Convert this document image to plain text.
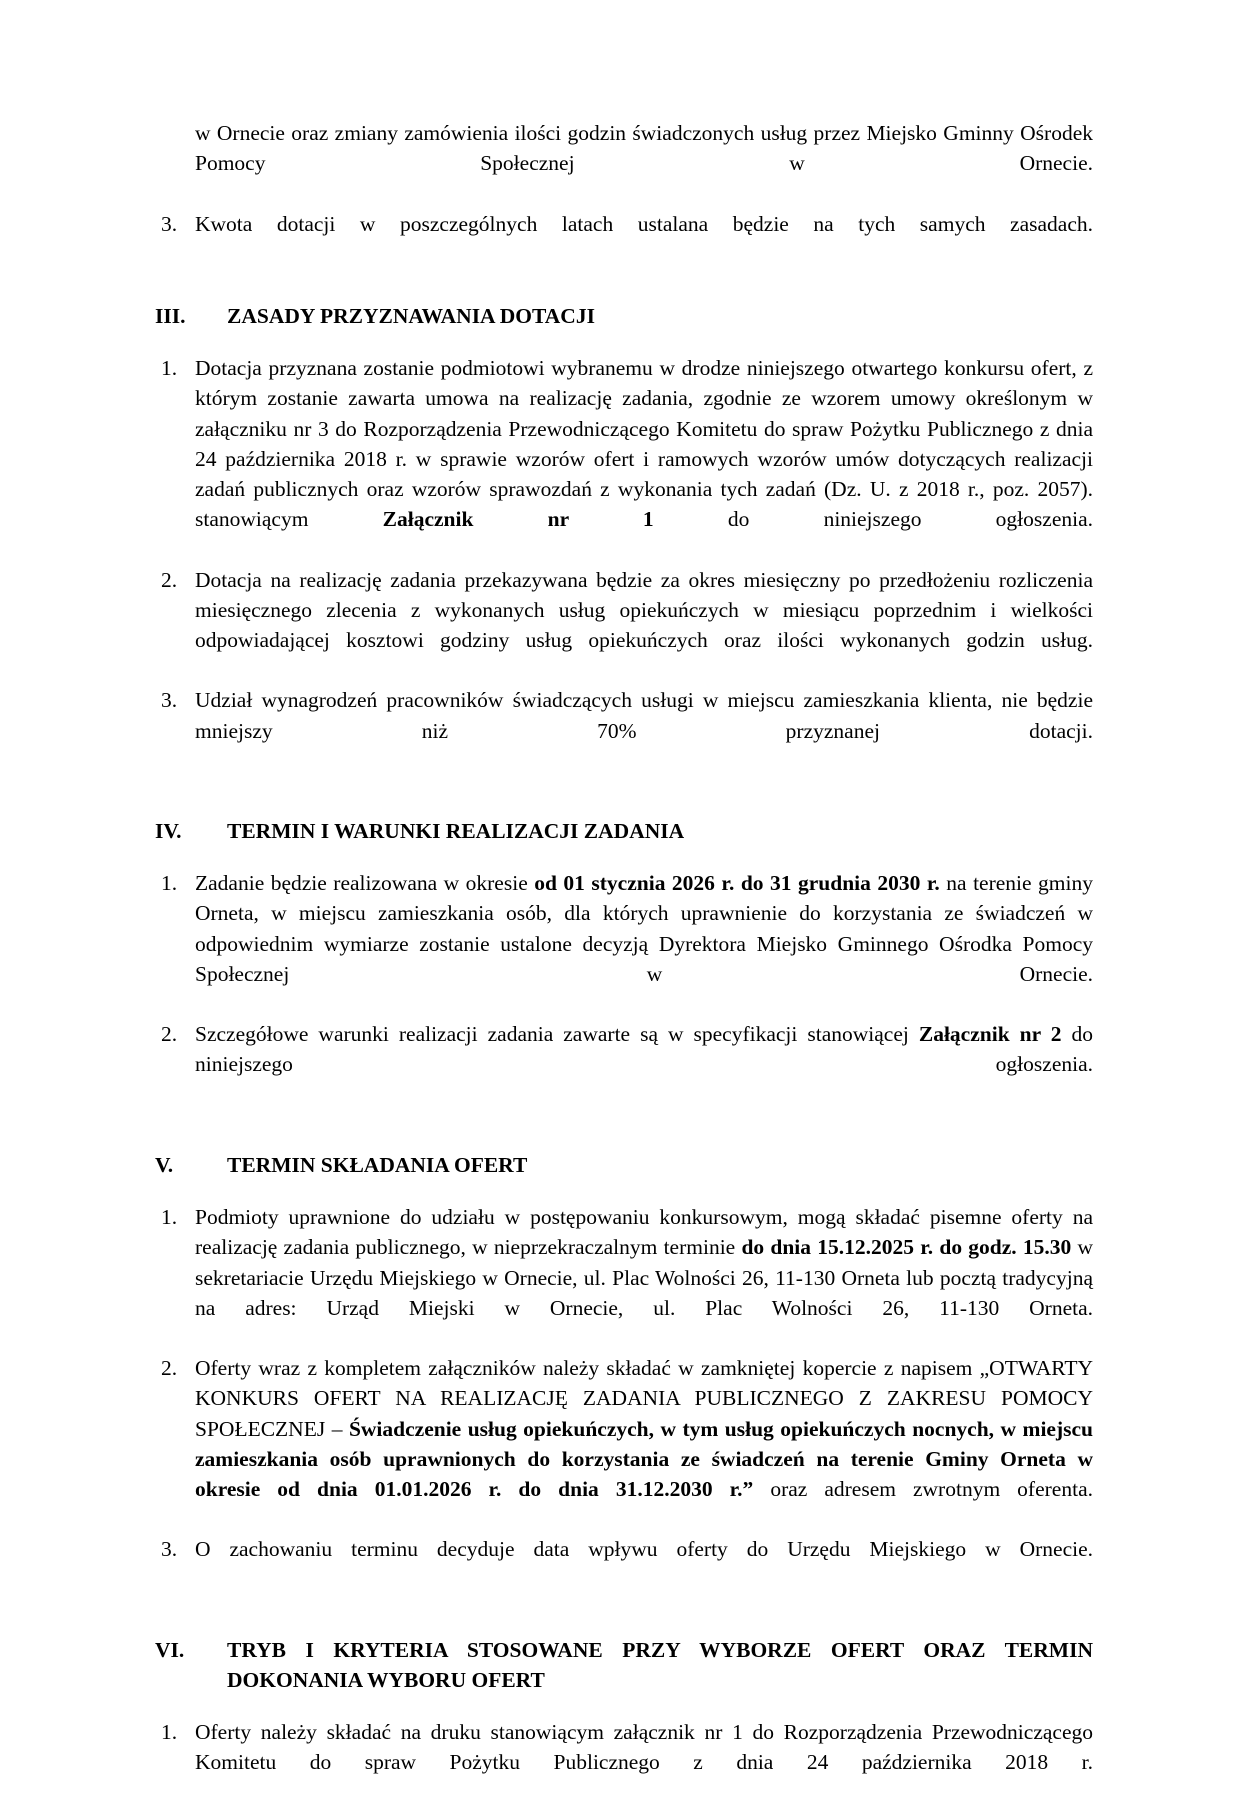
w Ornecie oraz zmiany zamówienia ilości godzin świadczonych usług przez Miejsko Gminny Ośrodek Pomocy Społecznej w Ornecie.
3. Kwota dotacji w poszczególnych latach ustalana będzie na tych samych zasadach.
III.	ZASADY PRZYZNAWANIA DOTACJI
1. Dotacja przyznana zostanie podmiotowi wybranemu w drodze niniejszego otwartego konkursu ofert, z którym zostanie zawarta umowa na realizację zadania, zgodnie ze wzorem umowy określonym w załączniku nr 3 do Rozporządzenia Przewodniczącego Komitetu do spraw Pożytku Publicznego z dnia 24 października 2018 r. w sprawie wzorów ofert i ramowych wzorów umów dotyczących realizacji zadań publicznych oraz wzorów sprawozdań z wykonania tych zadań (Dz. U. z 2018 r., poz. 2057). stanowiącym Załącznik nr 1 do niniejszego ogłoszenia.
2. Dotacja na realizację zadania przekazywana będzie za okres miesięczny po przedłożeniu rozliczenia miesięcznego zlecenia z wykonanych usług opiekuńczych w miesiącu poprzednim i wielkości odpowiadającej kosztowi godziny usług opiekuńczych oraz ilości wykonanych godzin usług.
3. Udział wynagrodzeń pracowników świadczących usługi w miejscu zamieszkania klienta, nie będzie mniejszy niż 70% przyznanej dotacji.
IV.	TERMIN I WARUNKI REALIZACJI ZADANIA
1. Zadanie będzie realizowana w okresie od 01 stycznia 2026 r. do 31 grudnia 2030 r. na terenie gminy Orneta, w miejscu zamieszkania osób, dla których uprawnienie do korzystania ze świadczeń w odpowiednim wymiarze zostanie ustalone decyzją Dyrektora Miejsko Gminnego Ośrodka Pomocy Społecznej w Ornecie.
2. Szczegółowe warunki realizacji zadania zawarte są w specyfikacji stanowiącej Załącznik nr 2 do niniejszego ogłoszenia.
V.	TERMIN SKŁADANIA OFERT
1. Podmioty uprawnione do udziału w postępowaniu konkursowym, mogą składać pisemne oferty na realizację zadania publicznego, w nieprzekraczalnym terminie do dnia 15.12.2025 r. do godz. 15.30 w sekretariacie Urzędu Miejskiego w Ornecie, ul. Plac Wolności 26, 11-130 Orneta lub pocztą tradycyjną na adres: Urząd Miejski w Ornecie, ul. Plac Wolności 26, 11-130 Orneta.
2. Oferty wraz z kompletem załączników należy składać w zamkniętej kopercie z napisem „OTWARTY KONKURS OFERT NA REALIZACJĘ ZADANIA PUBLICZNEGO Z ZAKRESU POMOCY SPOŁECZNEJ – Świadczenie usług opiekuńczych, w tym usług opiekuńczych nocnych, w miejscu zamieszkania osób uprawnionych do korzystania ze świadczeń na terenie Gminy Orneta w okresie od dnia 01.01.2026 r. do dnia 31.12.2030 r.” oraz adresem zwrotnym oferenta.
3. O zachowaniu terminu decyduje data wpływu oferty do Urzędu Miejskiego w Ornecie.
VI.	TRYB I KRYTERIA STOSOWANE PRZY WYBORZE OFERT ORAZ TERMIN DOKONANIA WYBORU OFERT
1. Oferty należy składać na druku stanowiącym załącznik nr 1 do Rozporządzenia Przewodniczącego Komitetu do spraw Pożytku Publicznego z dnia 24 października 2018 r.
